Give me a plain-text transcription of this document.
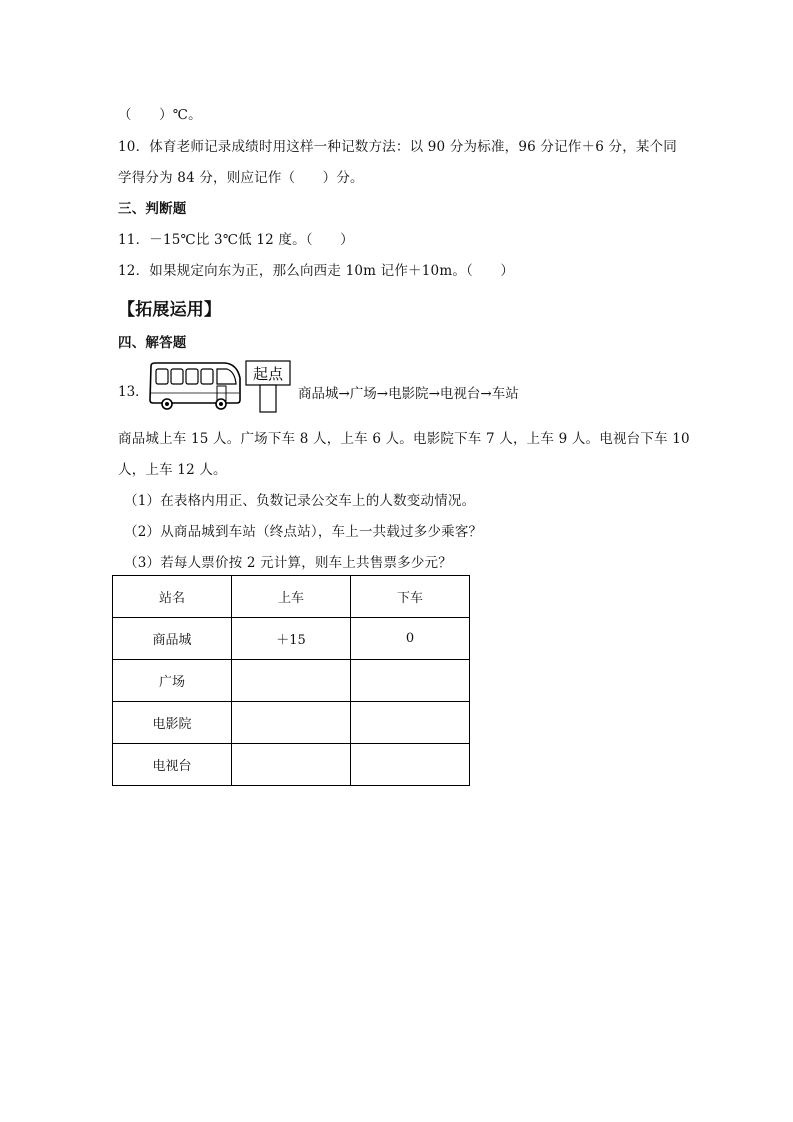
（　　）℃。
10．体育老师记录成绩时用这样一种记数方法：以 90 分为标准，96 分记作＋6 分，某个同
学得分为 84 分，则应记作（　　）分。
三、判断题
11．－15℃比 3℃低 12 度。（　　）
12．如果规定向东为正，那么向西走 10m 记作＋10m。（　　）
【拓展运用】
四、解答题
13．
起点
商品城→广场→电影院→电视台→车站
商品城上车 15 人。广场下车 8 人，上车 6 人。电影院下车 7 人，上车 9 人。电视台下车 10
人，上车 12 人。
（1）在表格内用正、负数记录公交车上的人数变动情况。
（2）从商品城到车站（终点站），车上一共载过多少乘客？
（3）若每人票价按 2 元计算，则车上共售票多少元？
站名	上车	下车
商品城	＋15	0
广场		
电影院		
电视台		
